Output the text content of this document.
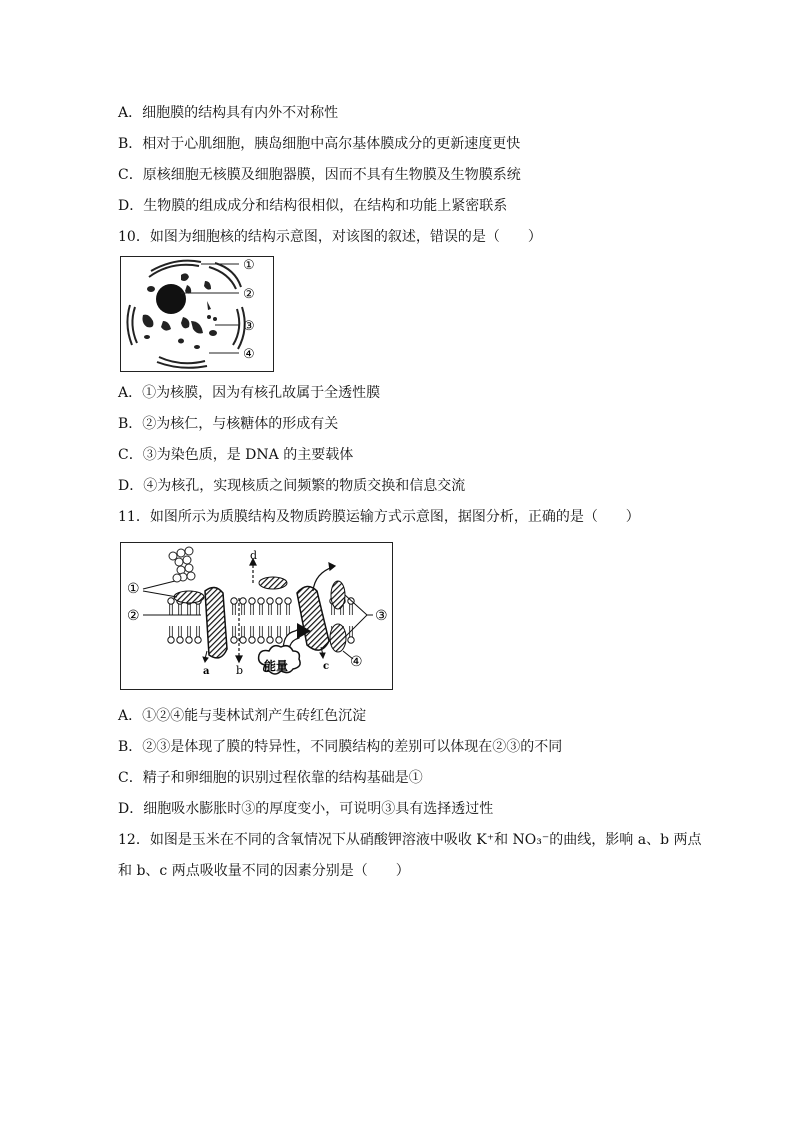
A．细胞膜的结构具有内外不对称性
B．相对于心肌细胞，胰岛细胞中高尔基体膜成分的更新速度更快
C．原核细胞无核膜及细胞器膜，因而不具有生物膜及生物膜系统
D．生物膜的组成成分和结构很相似，在结构和功能上紧密联系
10．如图为细胞核的结构示意图，对该图的叙述，错误的是（　　）
①
②
③
④
A．①为核膜，因为有核孔故属于全透性膜
B．②为核仁，与核糖体的形成有关
C．③为染色质，是 DNA 的主要载体
D．④为核孔，实现核质之间频繁的物质交换和信息交流
11．如图所示为质膜结构及物质跨膜运输方式示意图，据图分析，正确的是（　　）
能量
①
②	③
④
a b	c
d
A．①②④能与斐林试剂产生砖红色沉淀
B．②③是体现了膜的特异性，不同膜结构的差别可以体现在②③的不同
C．精子和卵细胞的识别过程依靠的结构基础是①
D．细胞吸水膨胀时③的厚度变小，可说明③具有选择透过性
12．如图是玉米在不同的含氧情况下从硝酸钾溶液中吸收 K⁺和 NO₃⁻的曲线，影响 a、b 两点
和 b、c 两点吸收量不同的因素分别是（　　）
